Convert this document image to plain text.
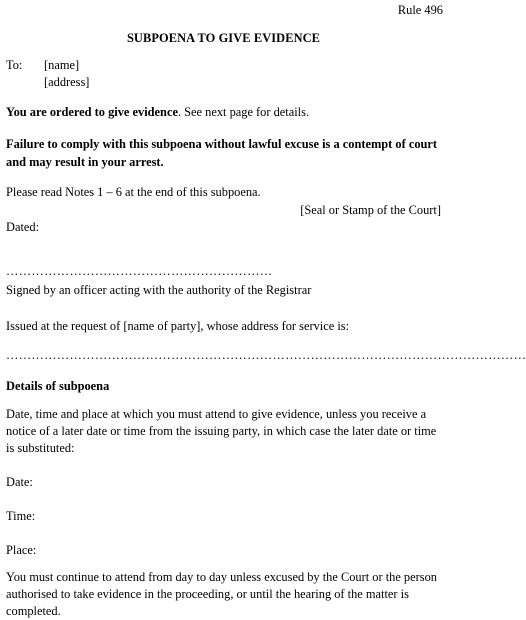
Rule 496
SUBPOENA TO GIVE EVIDENCE
To: [name]
[address]
You are ordered to give evidence. See next page for details.
Failure to comply with this subpoena without lawful excuse is a contempt of court and may result in your arrest.
Please read Notes 1 – 6 at the end of this subpoena.
[Seal or Stamp of the Court]
Dated:
………………………………………………………
Signed by an officer acting with the authority of the Registrar
Issued at the request of [name of party], whose address for service is:
……………………………………………………………………………………………………………
Details of subpoena
Date, time and place at which you must attend to give evidence, unless you receive a notice of a later date or time from the issuing party, in which case the later date or time is substituted:
Date:
Time:
Place:
You must continue to attend from day to day unless excused by the Court or the person authorised to take evidence in the proceeding, or until the hearing of the matter is completed.
